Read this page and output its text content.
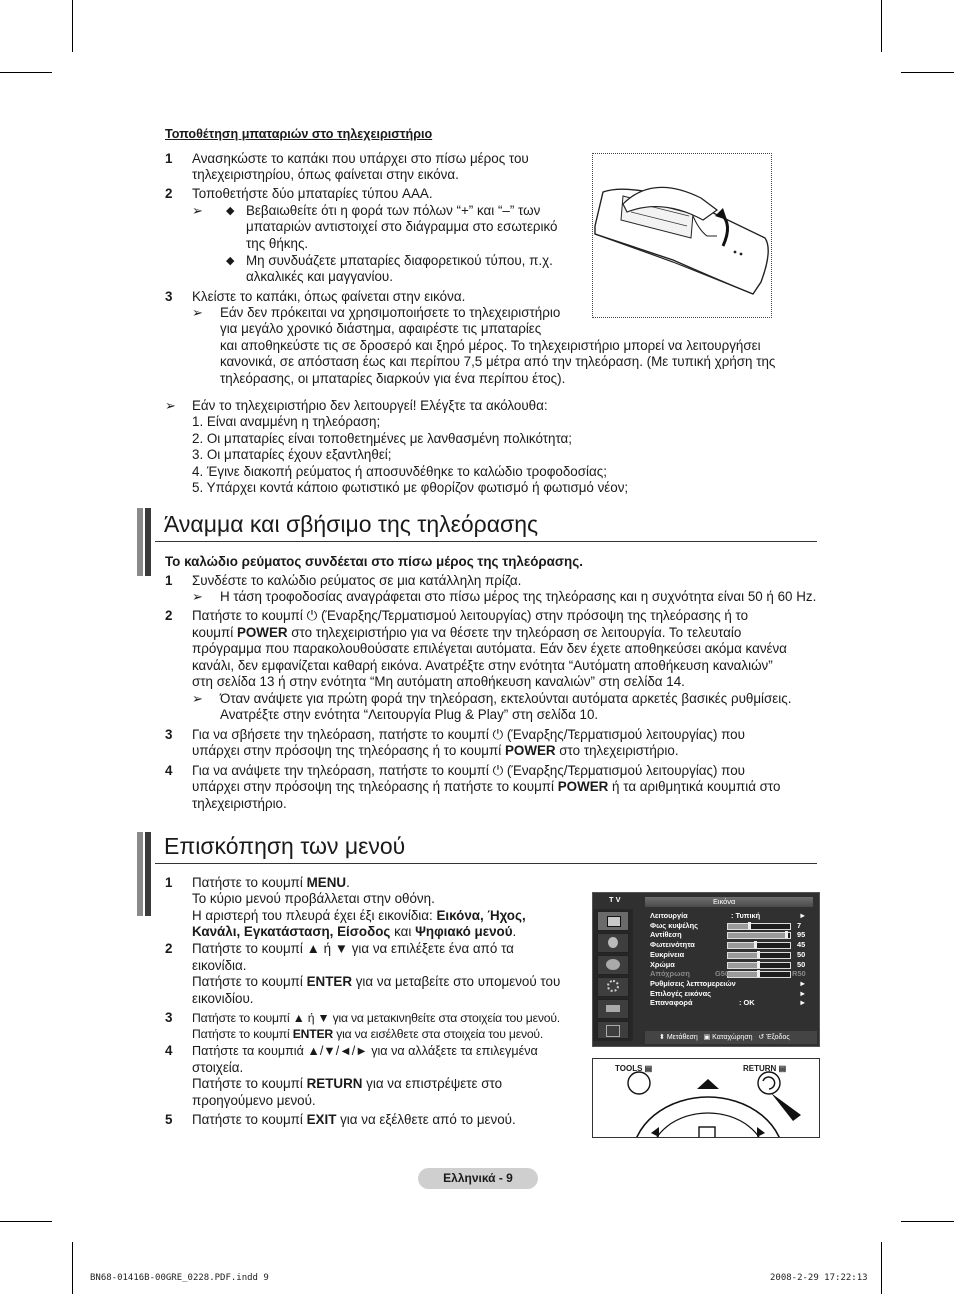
Τοποθέτηση μπαταριών στο τηλεχειριστήριο
1 Ανασηκώστε το καπάκι που υπάρχει στο πίσω μέρος του
τηλεχειριστηρίου, όπως φαίνεται στην εικόνα.
2 Τοποθετήστε δύο μπαταρίες τύπου AAA.
➢ ◆ Βεβαιωθείτε ότι η φορά των πόλων “+” και “–” των
μπαταριών αντιστοιχεί στο διάγραμμα στο εσωτερικό
της θήκης.
◆ Μη συνδυάζετε μπαταρίες διαφορετικού τύπου, π.χ.
αλκαλικές και μαγγανίου.
3 Κλείστε το καπάκι, όπως φαίνεται στην εικόνα.
➢ Εάν δεν πρόκειται να χρησιμοποιήσετε το τηλεχειριστήριο
για μεγάλο χρονικό διάστημα, αφαιρέστε τις μπαταρίες
και αποθηκεύστε τις σε δροσερό και ξηρό μέρος. Το τηλεχειριστήριο μπορεί να λειτουργήσει
κανονικά, σε απόσταση έως και περίπου 7,5 μέτρα από την τηλεόραση. (Με τυπική χρήση της
τηλεόρασης, οι μπαταρίες διαρκούν για ένα περίπου έτος).
➢ Εάν το τηλεχειριστήριο δεν λειτουργεί! Ελέγξτε τα ακόλουθα:
1. Είναι αναμμένη η τηλεόραση;
2. Οι μπαταρίες είναι τοποθετημένες με λανθασμένη πολικότητα;
3. Οι μπαταρίες έχουν εξαντληθεί;
4. Έγινε διακοπή ρεύματος ή αποσυνδέθηκε το καλώδιο τροφοδοσίας;
5. Υπάρχει κοντά κάποιο φωτιστικό με φθορίζον φωτισμό ή φωτισμό νέον;
Άναμμα και σβήσιμο της τηλεόρασης
Το καλώδιο ρεύματος συνδέεται στο πίσω μέρος της τηλεόρασης.
1 Συνδέστε το καλώδιο ρεύματος σε μια κατάλληλη πρίζα.
➢ Η τάση τροφοδοσίας αναγράφεται στο πίσω μέρος της τηλεόρασης και η συχνότητα είναι 50 ή 60 Hz.
2 Πατήστε το κουμπί ⏻ (Έναρξης/Τερματισμού λειτουργίας) στην πρόσοψη της τηλεόρασης ή το
κουμπί POWER στο τηλεχειριστήριο για να θέσετε την τηλεόραση σε λειτουργία. Το τελευταίο
πρόγραμμα που παρακολουθούσατε επιλέγεται αυτόματα. Εάν δεν έχετε αποθηκεύσει ακόμα κανένα
κανάλι, δεν εμφανίζεται καθαρή εικόνα. Ανατρέξτε στην ενότητα “Αυτόματη αποθήκευση καναλιών”
στη σελίδα 13 ή στην ενότητα “Μη αυτόματη αποθήκευση καναλιών” στη σελίδα 14.
➢ Όταν ανάψετε για πρώτη φορά την τηλεόραση, εκτελούνται αυτόματα αρκετές βασικές ρυθμίσεις.
Ανατρέξτε στην ενότητα “Λειτουργία Plug & Play” στη σελίδα 10.
3 Για να σβήσετε την τηλεόραση, πατήστε το κουμπί ⏻ (Έναρξης/Τερματισμού λειτουργίας) που
υπάρχει στην πρόσοψη της τηλεόρασης ή το κουμπί POWER στο τηλεχειριστήριο.
4 Για να ανάψετε την τηλεόραση, πατήστε το κουμπί ⏻ (Έναρξης/Τερματισμού λειτουργίας) που
υπάρχει στην πρόσοψη της τηλεόρασης ή πατήστε το κουμπί POWER ή τα αριθμητικά κουμπιά στο
τηλεχειριστήριο.
Επισκόπηση των μενού
1 Πατήστε το κουμπί MENU.
Το κύριο μενού προβάλλεται στην οθόνη.
Η αριστερή του πλευρά έχει έξι εικονίδια: Εικόνα, Ήχος,
Κανάλι, Εγκατάσταση, Είσοδος και Ψηφιακό μενού.
2 Πατήστε το κουμπί ▲ ή ▼ για να επιλέξετε ένα από τα
εικονίδια.
Πατήστε το κουμπί ENTER για να μεταβείτε στο υπομενού του
εικονιδίου.
3 Πατήστε το κουμπί ▲ ή ▼ για να μετακινηθείτε στα στοιχεία του μενού.
Πατήστε το κουμπί ENTER για να εισέλθετε στα στοιχεία του μενού.
4 Πατήστε τα κουμπιά ▲/▼/◄/► για να αλλάξετε τα επιλεγμένα
στοιχεία.
Πατήστε το κουμπί RETURN για να επιστρέψετε στο
προηγούμενο μενού.
5 Πατήστε το κουμπί EXIT για να εξέλθετε από το μενού.
T V	Εικόνα
Λειτουργία	: Τυπική	►
Φως κυψέλης	7
Αντίθεση	95
Φωτεινότητα	45
Ευκρίνεια	50
Χρώμα	50
Απόχρωση	G50	R50
Ρυθμίσεις λεπτομερειών	►
Επιλογές εικόνας	►
Επαναφορά	: OK	►
⬍ Μετάθεση ▣ Καταχώρηση ↺ Έξοδος
TOOLS ▤	RETURN ▤
Ελληνικά - 9
BN68-01416B-00GRE_0228.PDF.indd 9	2008-2-29 17:22:13
